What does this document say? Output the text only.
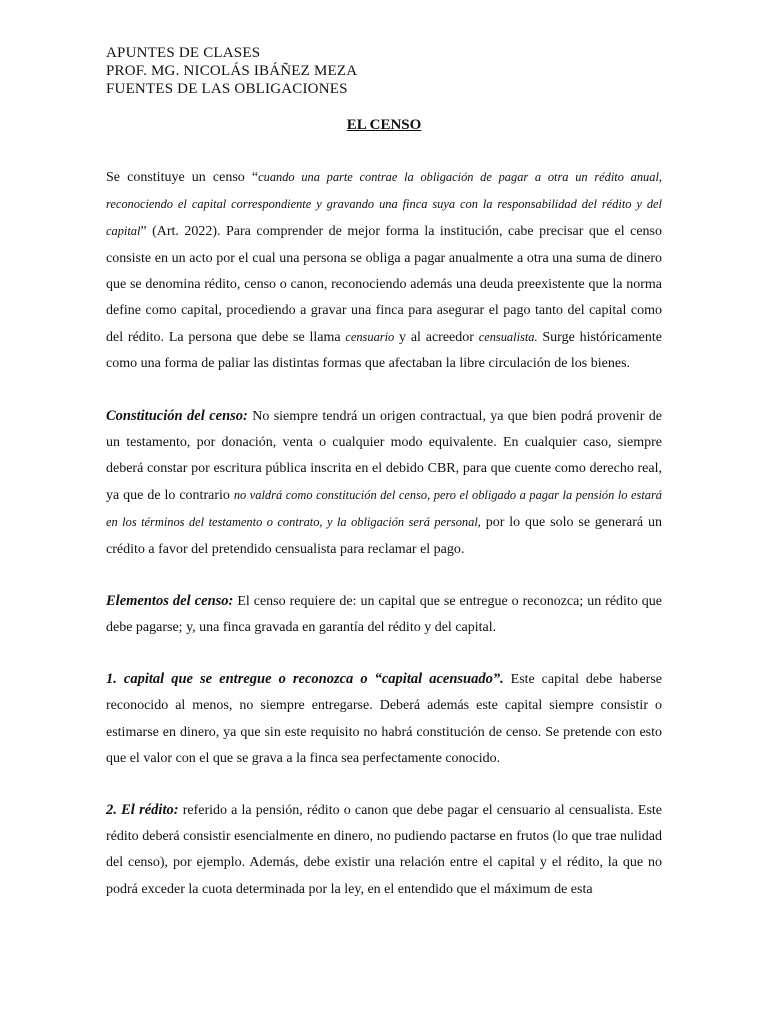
APUNTES DE CLASES
PROF. MG. NICOLÁS IBÁÑEZ MEZA
FUENTES DE LAS OBLIGACIONES
EL CENSO

Se constituye un censo “cuando una parte contrae la obligación de pagar a otra un rédito anual, reconociendo el capital correspondiente y gravando una finca suya con la responsabilidad del rédito y del capital” (Art. 2022). Para comprender de mejor forma la institución, cabe precisar que el censo consiste en un acto por el cual una persona se obliga a pagar anualmente a otra una suma de dinero que se denomina rédito, censo o canon, reconociendo además una deuda preexistente que la norma define como capital, procediendo a gravar una finca para asegurar el pago tanto del capital como del rédito. La persona que debe se llama censuario y al acreedor censualista. Surge históricamente como una forma de paliar las distintas formas que afectaban la libre circulación de los bienes.

Constitución del censo: No siempre tendrá un origen contractual, ya que bien podrá provenir de un testamento, por donación, venta o cualquier modo equivalente. En cualquier caso, siempre deberá constar por escritura pública inscrita en el debido CBR, para que cuente como derecho real, ya que de lo contrario no valdrá como constitución del censo, pero el obligado a pagar la pensión lo estará en los términos del testamento o contrato, y la obligación será personal, por lo que solo se generará un crédito a favor del pretendido censualista para reclamar el pago.

Elementos del censo: El censo requiere de: un capital que se entregue o reconozca; un rédito que debe pagarse; y, una finca gravada en garantía del rédito y del capital.

1. capital que se entregue o reconozca o “capital acensuado”. Este capital debe haberse reconocido al menos, no siempre entregarse. Deberá además este capital siempre consistir o estimarse en dinero, ya que sin este requisito no habrá constitución de censo. Se pretende con esto que el valor con el que se grava a la finca sea perfectamente conocido.

2. El rédito: referido a la pensión, rédito o canon que debe pagar el censuario al censualista. Este rédito deberá consistir esencialmente en dinero, no pudiendo pactarse en frutos (lo que trae nulidad del censo), por ejemplo. Además, debe existir una relación entre el capital y el rédito, la que no podrá exceder la cuota determinada por la ley, en el entendido que el máximum de esta
